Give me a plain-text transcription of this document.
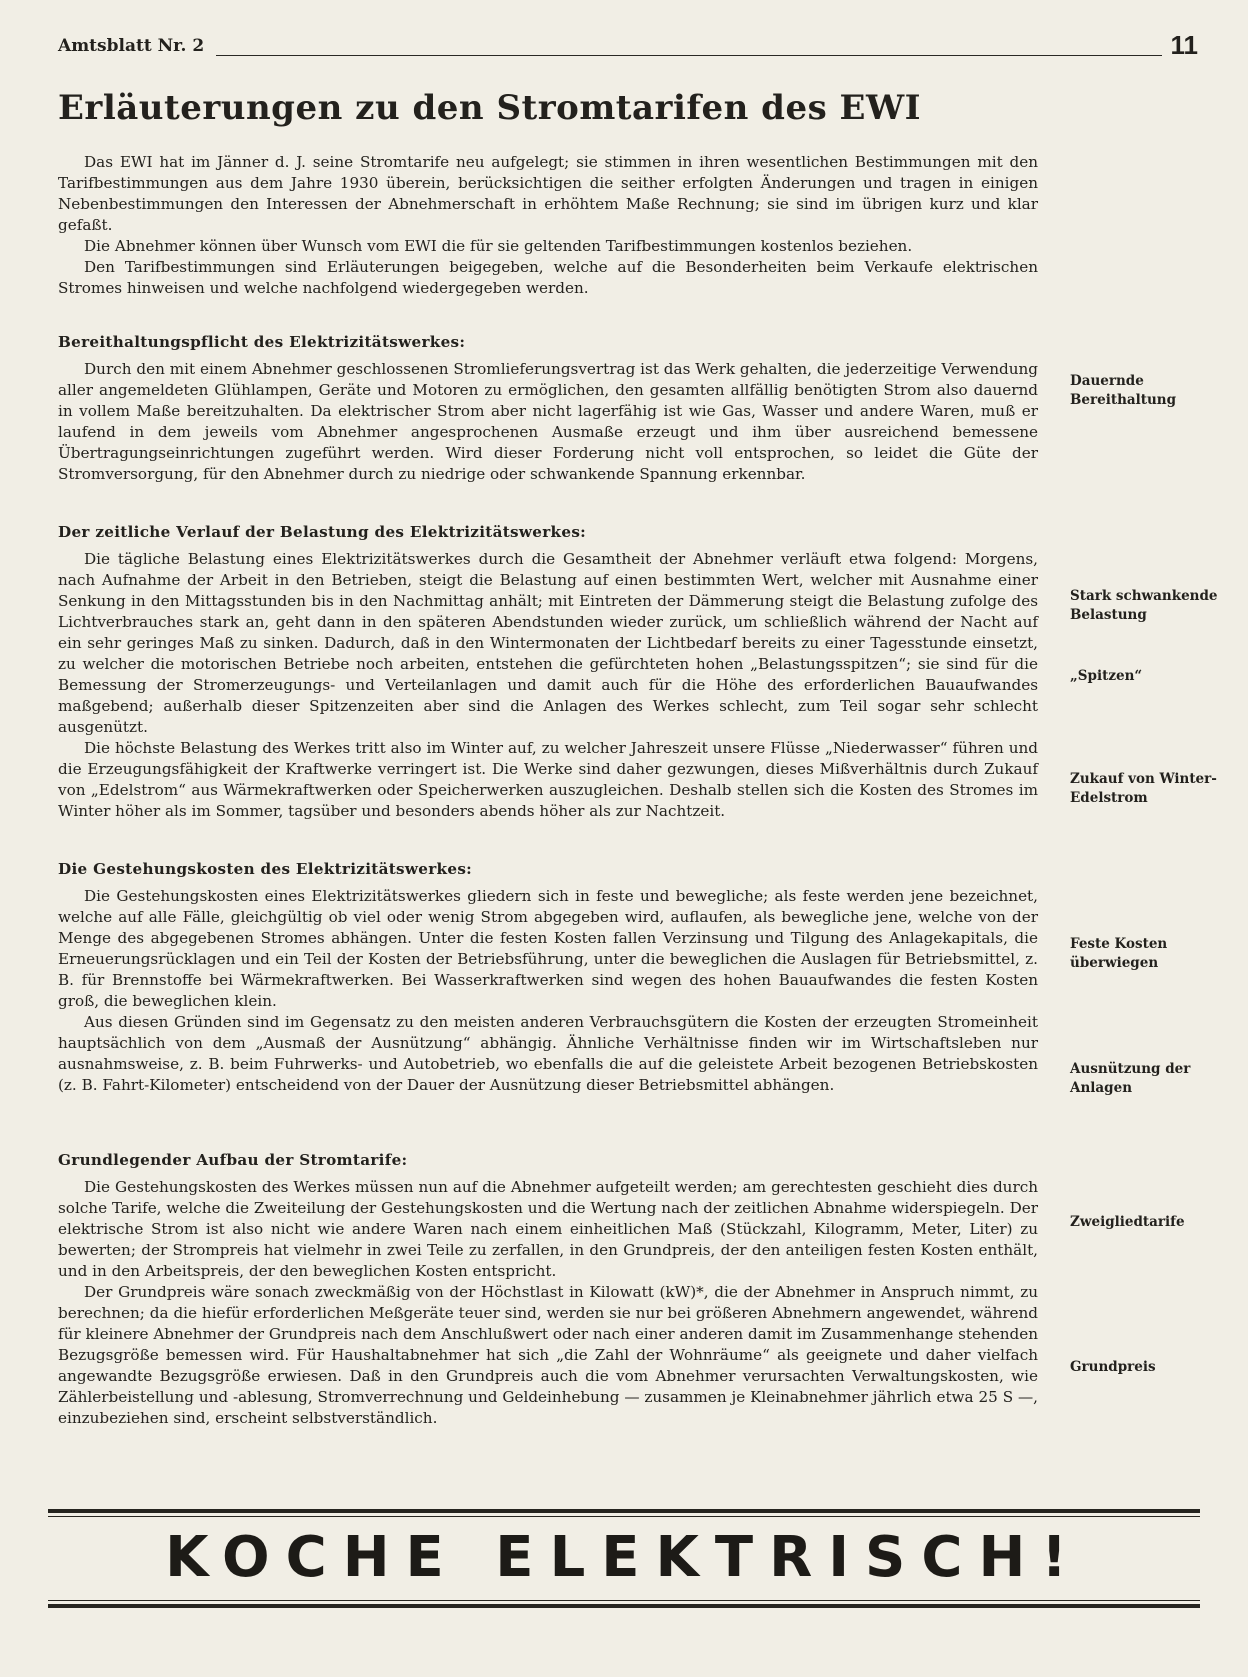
Amtsblatt Nr. 2	11
Erläuterungen zu den Stromtarifen des EWI

Das EWI hat im Jänner d. J. seine Stromtarife neu aufgelegt; sie stimmen in ihren wesentlichen Bestimmungen mit den Tarifbestimmungen aus dem Jahre 1930 überein, berücksichtigen die seither erfolgten Änderungen und tragen in einigen Nebenbestimmungen den Interessen der Abnehmerschaft in erhöhtem Maße Rechnung; sie sind im übrigen kurz und klar gefaßt.

Die Abnehmer können über Wunsch vom EWI die für sie geltenden Tarifbestimmungen kostenlos beziehen.

Den Tarifbestimmungen sind Erläuterungen beigegeben, welche auf die Besonderheiten beim Verkaufe elektrischen Stromes hinweisen und welche nachfolgend wiedergegeben werden.

Bereithaltungspflicht des Elektrizitätswerkes:

Durch den mit einem Abnehmer geschlossenen Stromlieferungsvertrag ist das Werk gehalten, die jederzeitige Verwendung aller angemeldeten Glühlampen, Geräte und Motoren zu ermöglichen, den gesamten allfällig benötigten Strom also dauernd in vollem Maße bereitzuhalten. Da elektrischer Strom aber nicht lagerfähig ist wie Gas, Wasser und andere Waren, muß er laufend in dem jeweils vom Abnehmer angesprochenen Ausmaße erzeugt und ihm über ausreichend bemessene Übertragungseinrichtungen zugeführt werden. Wird dieser Forderung nicht voll entsprochen, so leidet die Güte der Stromversorgung, für den Abnehmer durch zu niedrige oder schwankende Spannung erkennbar.

Der zeitliche Verlauf der Belastung des Elektrizitätswerkes:

Die tägliche Belastung eines Elektrizitätswerkes durch die Gesamtheit der Abnehmer verläuft etwa folgend: Morgens, nach Aufnahme der Arbeit in den Betrieben, steigt die Belastung auf einen bestimmten Wert, welcher mit Ausnahme einer Senkung in den Mittagsstunden bis in den Nachmittag anhält; mit Eintreten der Dämmerung steigt die Belastung zufolge des Lichtverbrauches stark an, geht dann in den späteren Abendstunden wieder zurück, um schließlich während der Nacht auf ein sehr geringes Maß zu sinken. Dadurch, daß in den Wintermonaten der Lichtbedarf bereits zu einer Tagesstunde einsetzt, zu welcher die motorischen Betriebe noch arbeiten, entstehen die gefürchteten hohen „Belastungsspitzen“; sie sind für die Bemessung der Stromerzeugungs- und Verteilanlagen und damit auch für die Höhe des erforderlichen Bauaufwandes maßgebend; außerhalb dieser Spitzenzeiten aber sind die Anlagen des Werkes schlecht, zum Teil sogar sehr schlecht ausgenützt.

Die höchste Belastung des Werkes tritt also im Winter auf, zu welcher Jahreszeit unsere Flüsse „Niederwasser“ führen und die Erzeugungsfähigkeit der Kraftwerke verringert ist. Die Werke sind daher gezwungen, dieses Mißverhältnis durch Zukauf von „Edelstrom“ aus Wärmekraftwerken oder Speicherwerken auszugleichen. Deshalb stellen sich die Kosten des Stromes im Winter höher als im Sommer, tagsüber und besonders abends höher als zur Nachtzeit.

Die Gestehungskosten des Elektrizitätswerkes:

Die Gestehungskosten eines Elektrizitätswerkes gliedern sich in feste und bewegliche; als feste werden jene bezeichnet, welche auf alle Fälle, gleichgültig ob viel oder wenig Strom abgegeben wird, auflaufen, als bewegliche jene, welche von der Menge des abgegebenen Stromes abhängen. Unter die festen Kosten fallen Verzinsung und Tilgung des Anlagekapitals, die Erneuerungsrücklagen und ein Teil der Kosten der Betriebsführung, unter die beweglichen die Auslagen für Betriebsmittel, z. B. für Brennstoffe bei Wärmekraftwerken. Bei Wasserkraftwerken sind wegen des hohen Bauaufwandes die festen Kosten groß, die beweglichen klein.

Aus diesen Gründen sind im Gegensatz zu den meisten anderen Verbrauchsgütern die Kosten der erzeugten Stromeinheit hauptsächlich von dem „Ausmaß der Ausnützung“ abhängig. Ähnliche Verhältnisse finden wir im Wirtschaftsleben nur ausnahmsweise, z. B. beim Fuhrwerks- und Autobetrieb, wo ebenfalls die auf die geleistete Arbeit bezogenen Betriebskosten (z. B. Fahrt-Kilometer) entscheidend von der Dauer der Ausnützung dieser Betriebsmittel abhängen.

Grundlegender Aufbau der Stromtarife:

Die Gestehungskosten des Werkes müssen nun auf die Abnehmer aufgeteilt werden; am gerechtesten geschieht dies durch solche Tarife, welche die Zweiteilung der Gestehungskosten und die Wertung nach der zeitlichen Abnahme widerspiegeln. Der elektrische Strom ist also nicht wie andere Waren nach einem einheitlichen Maß (Stückzahl, Kilogramm, Meter, Liter) zu bewerten; der Strompreis hat vielmehr in zwei Teile zu zerfallen, in den Grundpreis, der den anteiligen festen Kosten enthält, und in den Arbeitspreis, der den beweglichen Kosten entspricht.

Der Grundpreis wäre sonach zweckmäßig von der Höchstlast in Kilowatt (kW)*, die der Abnehmer in Anspruch nimmt, zu berechnen; da die hiefür erforderlichen Meßgeräte teuer sind, werden sie nur bei größeren Abnehmern angewendet, während für kleinere Abnehmer der Grundpreis nach dem Anschlußwert oder nach einer anderen damit im Zusammenhange stehenden Bezugsgröße bemessen wird. Für Haushaltabnehmer hat sich „die Zahl der Wohnräume“ als geeignete und daher vielfach angewandte Bezugsgröße erwiesen. Daß in den Grundpreis auch die vom Abnehmer verursachten Verwaltungskosten, wie Zählerbeistellung und -ablesung, Stromverrechnung und Geldeinhebung — zusammen je Kleinabnehmer jährlich etwa 25 S —, einzubeziehen sind, erscheint selbstverständlich.

Dauernde Bereithaltung
Stark schwankende Belastung
„Spitzen“
Zukauf von Winter-Edelstrom
Feste Kosten überwiegen
Ausnützung der Anlagen
Zweigliedtarife
Grundpreis
KOCHE ELEKTRISCH!
